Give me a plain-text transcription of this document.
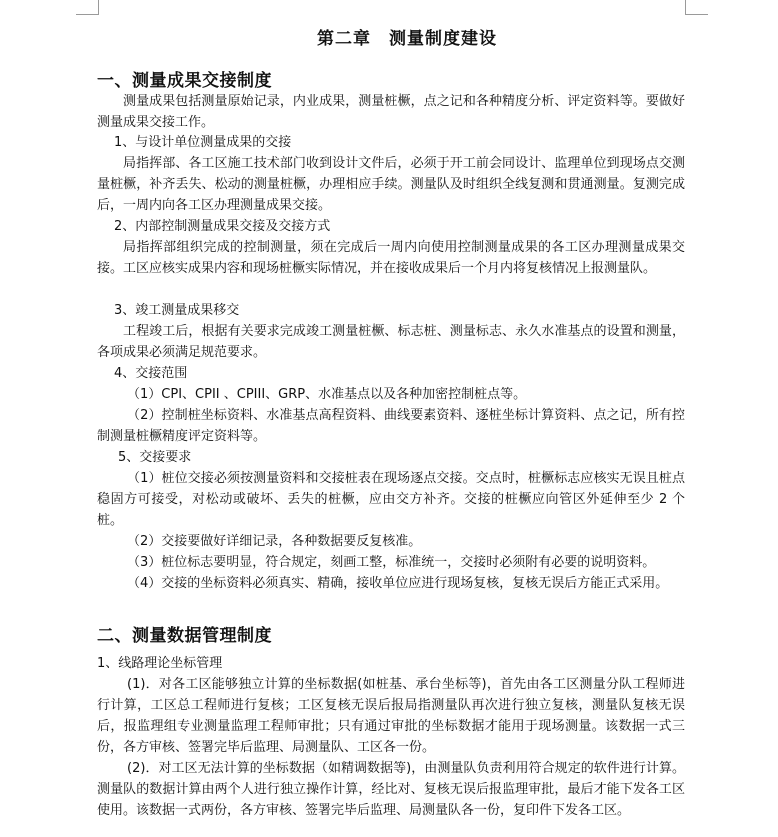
第二章　测量制度建设
一、测量成果交接制度
测量成果包括测量原始记录，内业成果，测量桩橛，点之记和各种精度分析、评定资料等。要做好测量成果交接工作。
1、与设计单位测量成果的交接
局指挥部、各工区施工技术部门收到设计文件后，必须于开工前会同设计、监理单位到现场点交测量桩橛，补齐丢失、松动的测量桩橛，办理相应手续。测量队及时组织全线复测和贯通测量。复测完成后，一周内向各工区办理测量成果交接。
2、内部控制测量成果交接及交接方式
局指挥部组织完成的控制测量，须在完成后一周内向使用控制测量成果的各工区办理测量成果交接。工区应核实成果内容和现场桩橛实际情况，并在接收成果后一个月内将复核情况上报测量队。
3、竣工测量成果移交
工程竣工后，根据有关要求完成竣工测量桩橛、标志桩、测量标志、永久水准基点的设置和测量，各项成果必须满足规范要求。
4、交接范围
（1）CPI、CPII 、CPIII、GRP、水准基点以及各种加密控制桩点等。
（2）控制桩坐标资料、水准基点高程资料、曲线要素资料、逐桩坐标计算资料、点之记，所有控制测量桩橛精度评定资料等。
5、交接要求
（1）桩位交接必须按测量资料和交接桩表在现场逐点交接。交点时，桩橛标志应核实无误且桩点稳固方可接受，对松动或破坏、丢失的桩橛，应由交方补齐。交接的桩橛应向管区外延伸至少 2 个桩。
（2）交接要做好详细记录，各种数据要反复核准。
（3）桩位标志要明显，符合规定，刻画工整，标准统一，交接时必须附有必要的说明资料。
（4）交接的坐标资料必须真实、精确，接收单位应进行现场复核，复核无误后方能正式采用。
二、测量数据管理制度
1、线路理论坐标管理
(1)．对各工区能够独立计算的坐标数据(如桩基、承台坐标等)，首先由各工区测量分队工程师进行计算，工区总工程师进行复核；工区复核无误后报局指测量队再次进行独立复核，测量队复核无误后，报监理组专业测量监理工程师审批；只有通过审批的坐标数据才能用于现场测量。该数据一式三份，各方审核、签署完毕后监理、局测量队、工区各一份。
(2)．对工区无法计算的坐标数据（如精调数据等)，由测量队负责利用符合规定的软件进行计算。测量队的数据计算由两个人进行独立操作计算，经比对、复核无误后报监理审批，最后才能下发各工区使用。该数据一式两份，各方审核、签署完毕后监理、局测量队各一份，复印件下发各工区。
